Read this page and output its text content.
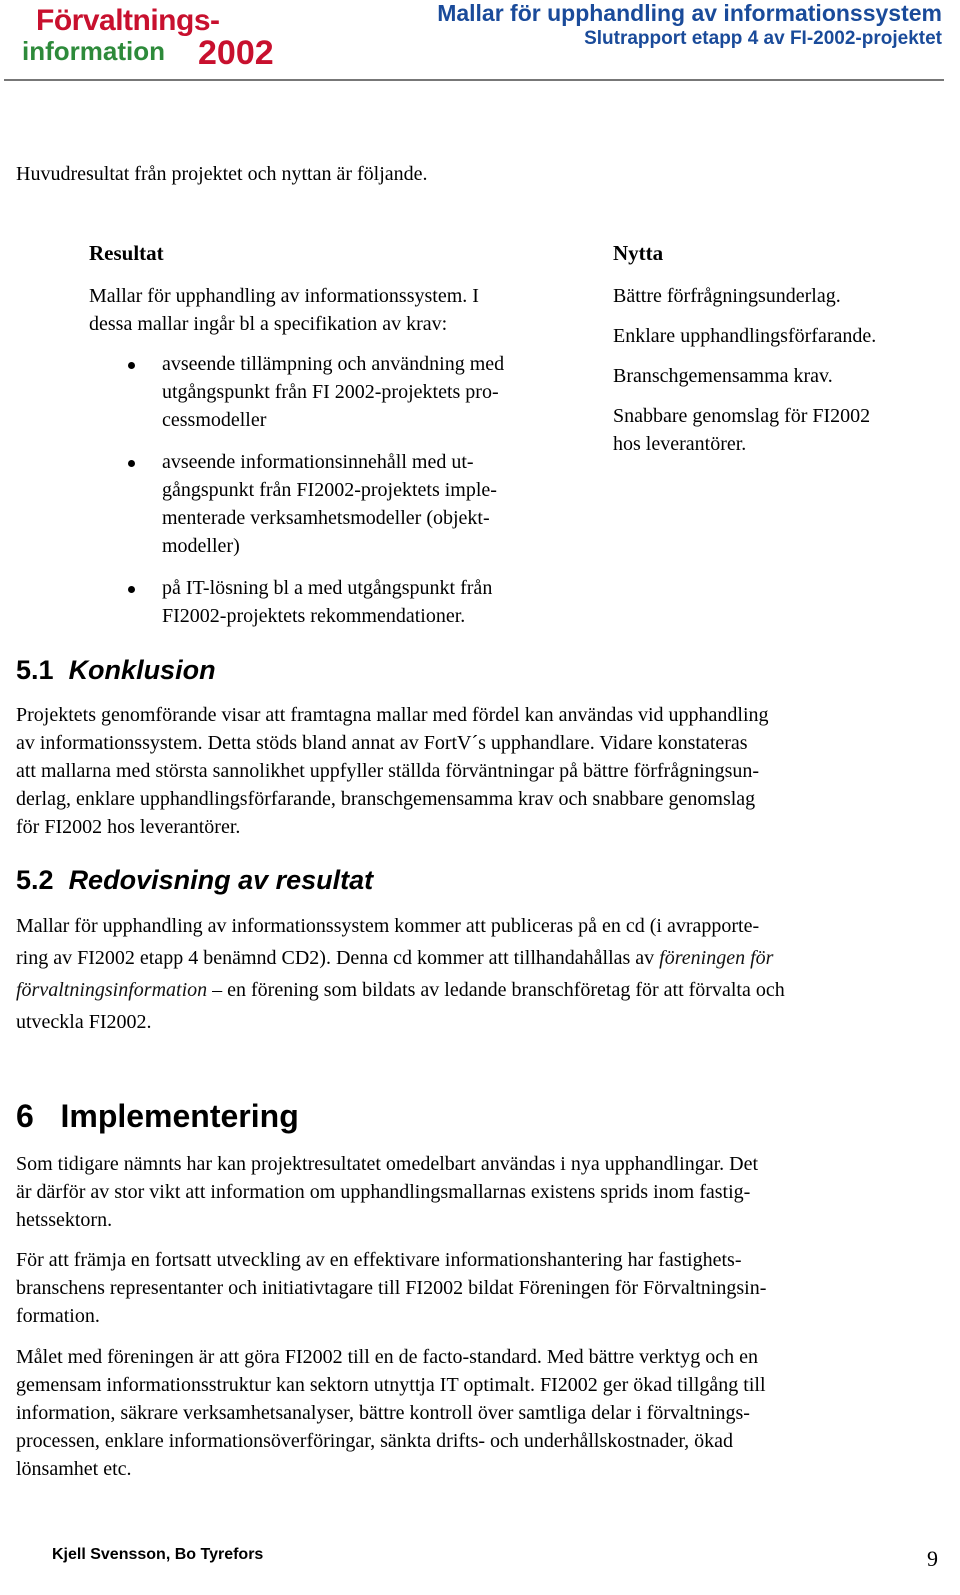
Förvaltnings-
information 2002
Mallar för upphandling av informationssystem
Slutrapport etapp 4 av FI-2002-projektet

Huvudresultat från projektet och nyttan är följande.

Resultat
Mallar för upphandling av informationssystem. I
dessa mallar ingår bl a specifikation av krav:
avseende tillämpning och användning med
utgångspunkt från FI 2002-projektets pro-
cessmodeller
avseende informationsinnehåll med ut-
gångspunkt från FI2002-projektets imple-
menterade verksamhetsmodeller (objekt-
modeller)
på IT-lösning bl a med utgångspunkt från
FI2002-projektets rekommendationer.
Nytta
Bättre förfrågningsunderlag.
Enklare upphandlingsförfarande.
Branschgemensamma krav.
Snabbare genomslag för FI2002
hos leverantörer.
5.1 Konklusion
Projektets genomförande visar att framtagna mallar med fördel kan användas vid upphandling
av informationssystem. Detta stöds bland annat av FortV´s upphandlare. Vidare konstateras
att mallarna med största sannolikhet uppfyller ställda förväntningar på bättre förfrågningsun-
derlag, enklare upphandlingsförfarande, branschgemensamma krav och snabbare genomslag
för FI2002 hos leverantörer.
5.2 Redovisning av resultat
Mallar för upphandling av informationssystem kommer att publiceras på en cd (i avrapporte-
ring av FI2002 etapp 4 benämnd CD2). Denna cd kommer att tillhandahållas av föreningen för
förvaltningsinformation – en förening som bildats av ledande branschföretag för att förvalta och
utveckla FI2002.
6 Implementering
Som tidigare nämnts har kan projektresultatet omedelbart användas i nya upphandlingar. Det
är därför av stor vikt att information om upphandlingsmallarnas existens sprids inom fastig-
hetssektorn.
För att främja en fortsatt utveckling av en effektivare informationshantering har fastighets-
branschens representanter och initiativtagare till FI2002 bildat Föreningen för Förvaltningsin-
formation.
Målet med föreningen är att göra FI2002 till en de facto-standard. Med bättre verktyg och en
gemensam informationsstruktur kan sektorn utnyttja IT optimalt. FI2002 ger ökad tillgång till
information, säkrare verksamhetsanalyser, bättre kontroll över samtliga delar i förvaltnings-
processen, enklare informationsöverföringar, sänkta drifts- och underhållskostnader, ökad
lönsamhet etc.
Kjell Svensson, Bo Tyrefors	9
